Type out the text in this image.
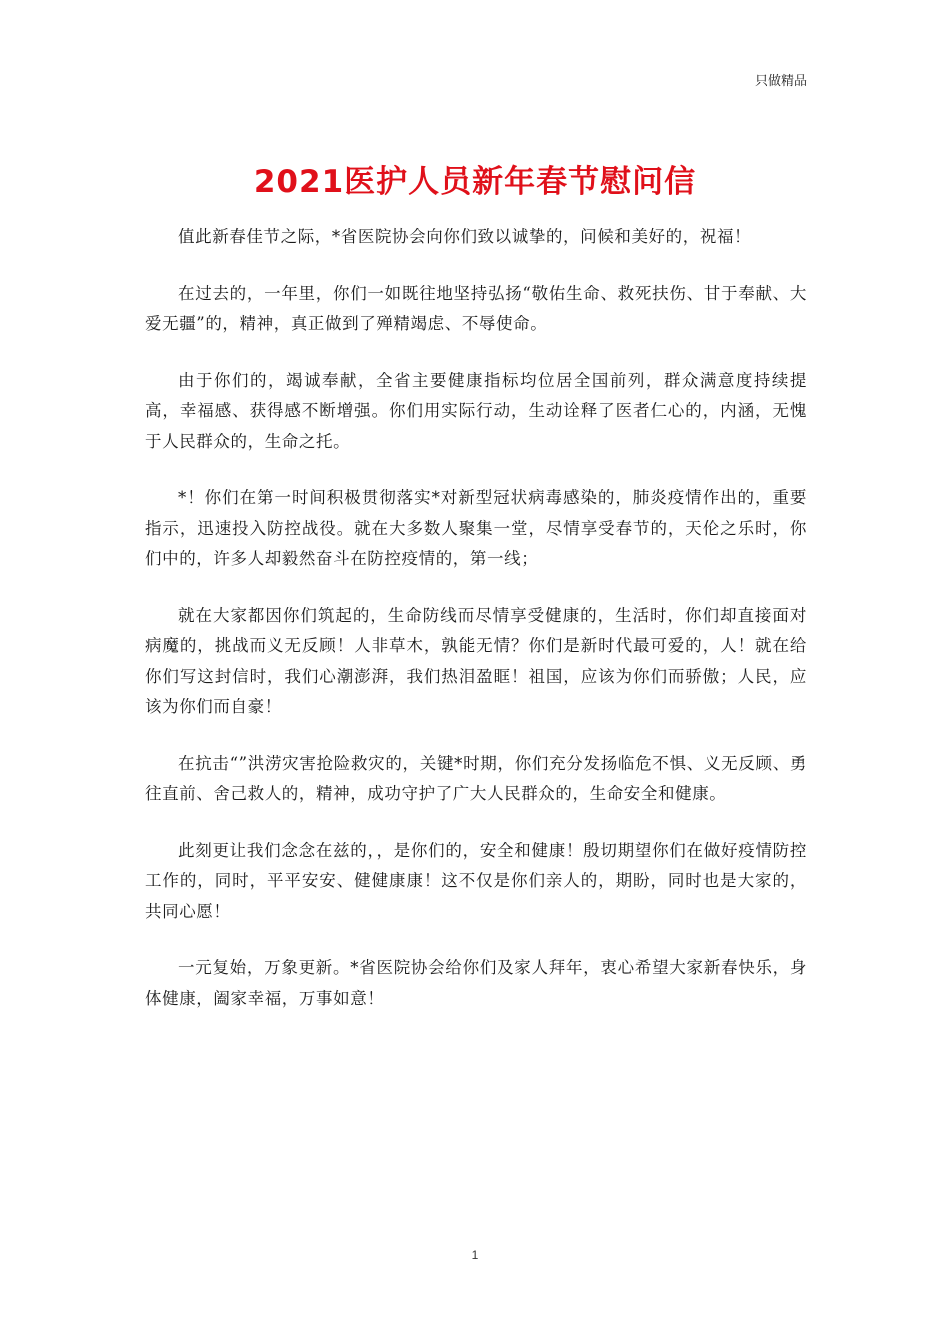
只做精品
2021医护人员新年春节慰问信

值此新春佳节之际，*省医院协会向你们致以诚挚的，问候和美好的，祝福！

在过去的，一年里，你们一如既往地坚持弘扬“敬佑生命、救死扶伤、甘于奉献、大爱无疆”的，精神，真正做到了殚精竭虑、不辱使命。

由于你们的，竭诚奉献，全省主要健康指标均位居全国前列，群众满意度持续提高，幸福感、获得感不断增强。你们用实际行动，生动诠释了医者仁心的，内涵，无愧于人民群众的，生命之托。

*！你们在第一时间积极贯彻落实*对新型冠状病毒感染的，肺炎疫情作出的，重要指示，迅速投入防控战役。就在大多数人聚集一堂，尽情享受春节的，天伦之乐时，你们中的，许多人却毅然奋斗在防控疫情的，第一线；

就在大家都因你们筑起的，生命防线而尽情享受健康的，生活时，你们却直接面对病魔的，挑战而义无反顾！人非草木，孰能无情？你们是新时代最可爱的，人！就在给你们写这封信时，我们心潮澎湃，我们热泪盈眶！祖国，应该为你们而骄傲；人民，应该为你们而自豪！

在抗击“”洪涝灾害抢险救灾的，关键*时期，你们充分发扬临危不惧、义无反顾、勇往直前、舍己救人的，精神，成功守护了广大人民群众的，生命安全和健康。

此刻更让我们念念在兹的，，是你们的，安全和健康！殷切期望你们在做好疫情防控工作的，同时，平平安安、健健康康！这不仅是你们亲人的，期盼，同时也是大家的，共同心愿！

一元复始，万象更新。*省医院协会给你们及家人拜年，衷心希望大家新春快乐，身体健康，阖家幸福，万事如意！

1
